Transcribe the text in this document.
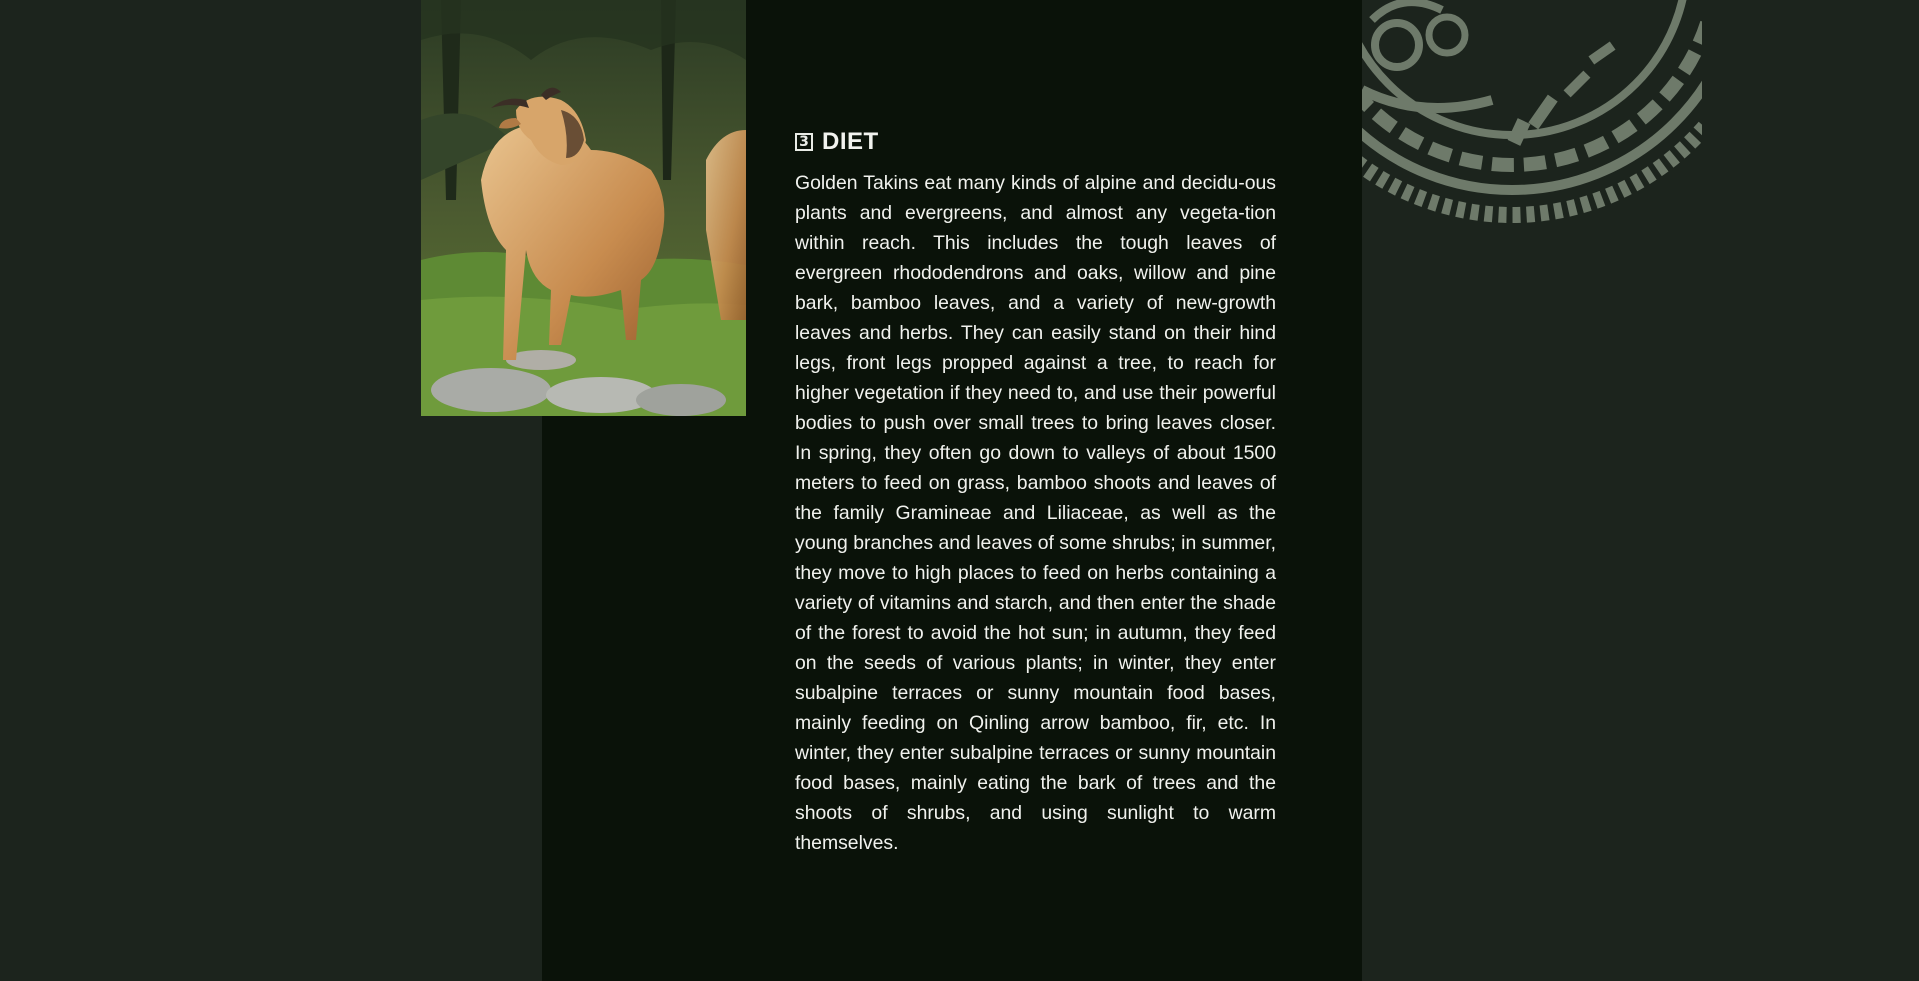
3 DIET

Golden Takins eat many kinds of alpine and decidu-ous plants and evergreens, and almost any vegeta-tion within reach. This includes the tough leaves of evergreen rhododendrons and oaks, willow and pine bark, bamboo leaves, and a variety of new-growth leaves and herbs. They can easily stand on their hind legs, front legs propped against a tree, to reach for higher vegetation if they need to, and use their powerful bodies to push over small trees to bring leaves closer. In spring, they often go down to valleys of about 1500 meters to feed on grass, bamboo shoots and leaves of the family Gramineae and Liliaceae, as well as the young branches and leaves of some shrubs; in summer, they move to high places to feed on herbs containing a variety of vitamins and starch, and then enter the shade of the forest to avoid the hot sun; in autumn, they feed on the seeds of various plants; in winter, they enter subalpine terraces or sunny mountain food bases, mainly feeding on Qinling arrow bamboo, fir, etc. In winter, they enter subalpine terraces or sunny mountain food bases, mainly eating the bark of trees and the shoots of shrubs, and using sunlight to warm themselves.
